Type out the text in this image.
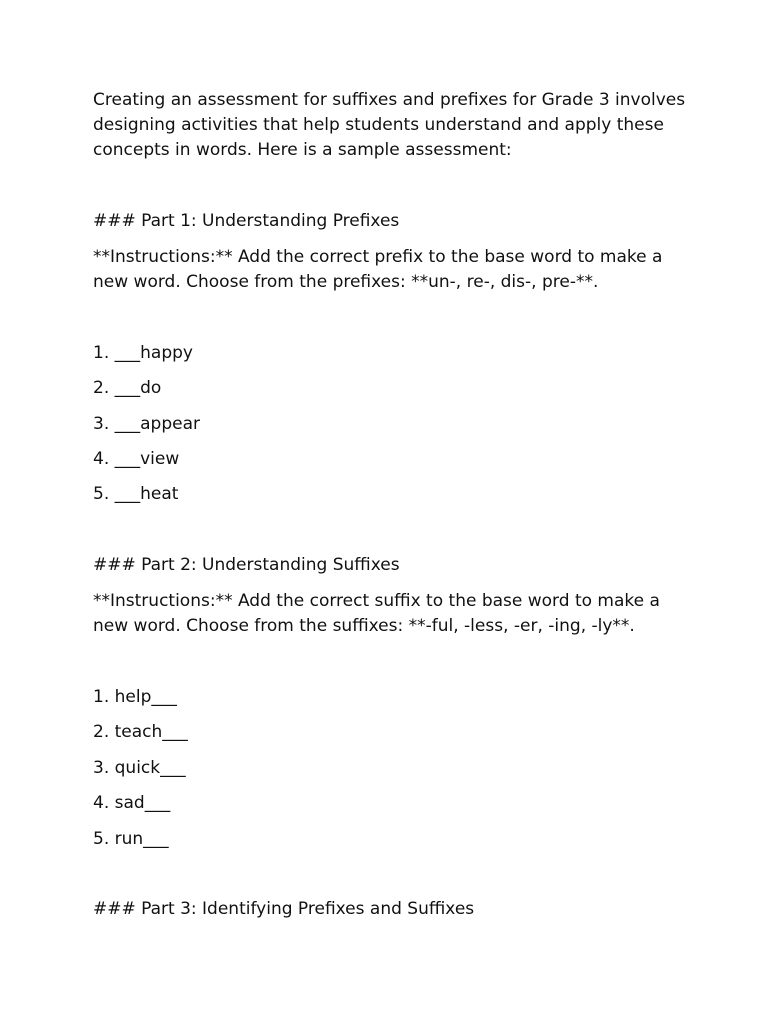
Creating an assessment for suffixes and prefixes for Grade 3 involves

designing activities that help students understand and apply these

concepts in words. Here is a sample assessment:

### Part 1: Understanding Prefixes

**Instructions:** Add the correct prefix to the base word to make a

new word. Choose from the prefixes: **un-, re-, dis-, pre-**.

1. ___happy

2. ___do

3. ___appear

4. ___view

5. ___heat

### Part 2: Understanding Suffixes

**Instructions:** Add the correct suffix to the base word to make a

new word. Choose from the suffixes: **-ful, -less, -er, -ing, -ly**.

1. help___

2. teach___

3. quick___

4. sad___

5. run___

### Part 3: Identifying Prefixes and Suffixes
